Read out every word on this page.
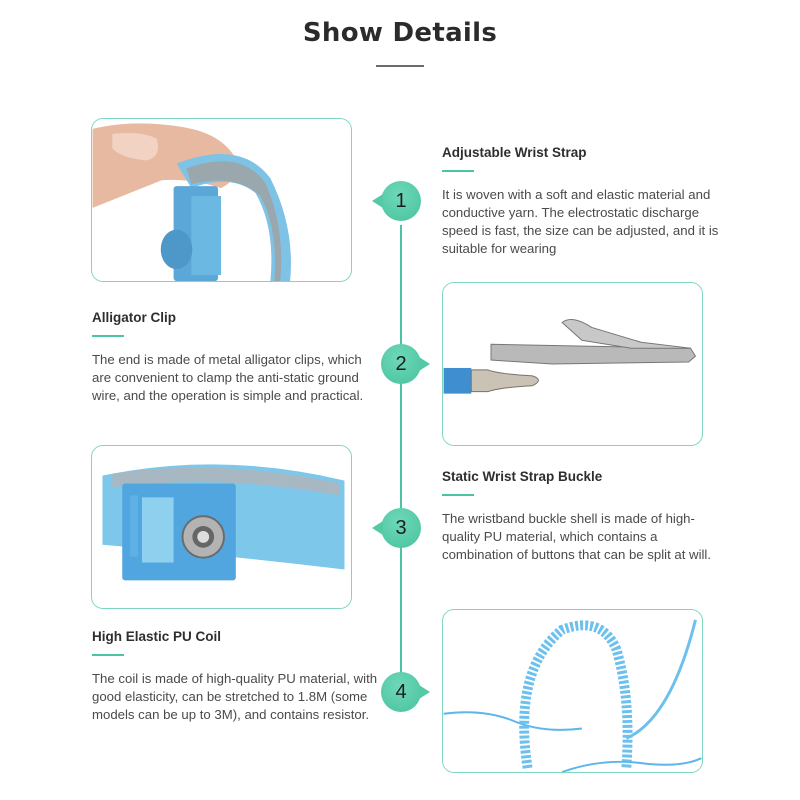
Show Details
Adjustable Wrist Strap

It is woven with a soft and elastic material and conductive yarn. The electrostatic discharge speed is fast, the size can be adjusted, and it is suitable for wearing

1
Alligator Clip

The end is made of metal alligator clips, which are convenient to clamp the anti-static ground wire, and the operation is simple and practical.

2
Static Wrist Strap Buckle

The wristband buckle shell is made of high-quality PU material, which contains a combination of buttons that can be split at will.

3
High Elastic PU Coil

The coil is made of high-quality PU material, with good elasticity, can be stretched to 1.8M (some models can be up to 3M), and contains resistor.

4
